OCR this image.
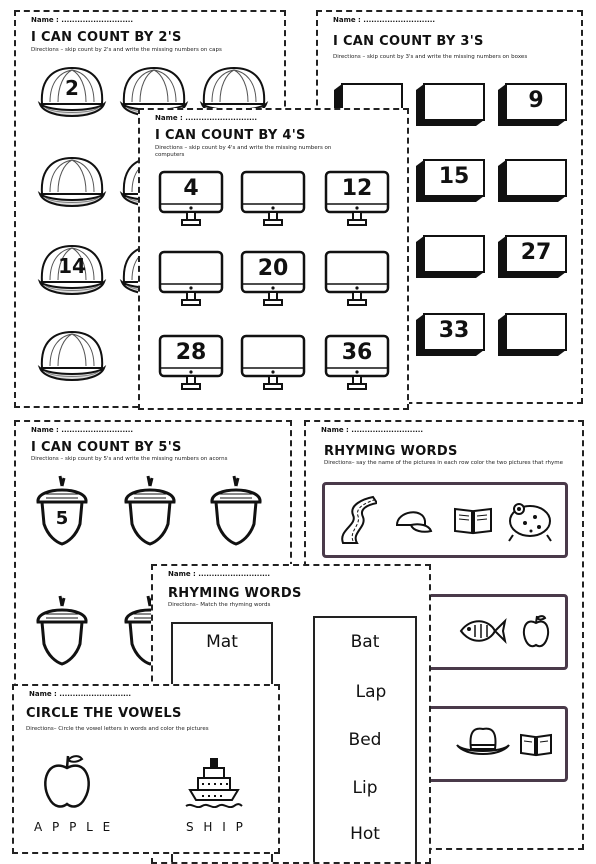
Name : ...........................
I CAN COUNT BY 2'S
Directions – skip count by 2's and write the missing numbers on caps
2
14
Name : ...........................
I CAN COUNT BY 3'S
Directions – skip count by 3's and write the missing numbers on boxes
9
15
27
33
Name : ...........................
I CAN COUNT BY 5'S
Directions – skip count by 5's and write the missing numbers on acorns
5
Name : ...........................
RHYMING WORDS
Directions– say the name of the pictures in each row color the two pictures that rhyme
Name : ...........................
I CAN COUNT BY 4'S
Directions – skip count by 4's and write the missing numbers on computers
4	12
20
28	36
Name : ...........................
RHYMING WORDS
Directions– Match the rhyming words
Mat	Bat
Lap
Bed
Lip
Hot
Name : ...........................
CIRCLE THE VOWELS
Directions– Circle the vowel letters in words and color the pictures
A P P L E	S H I P
